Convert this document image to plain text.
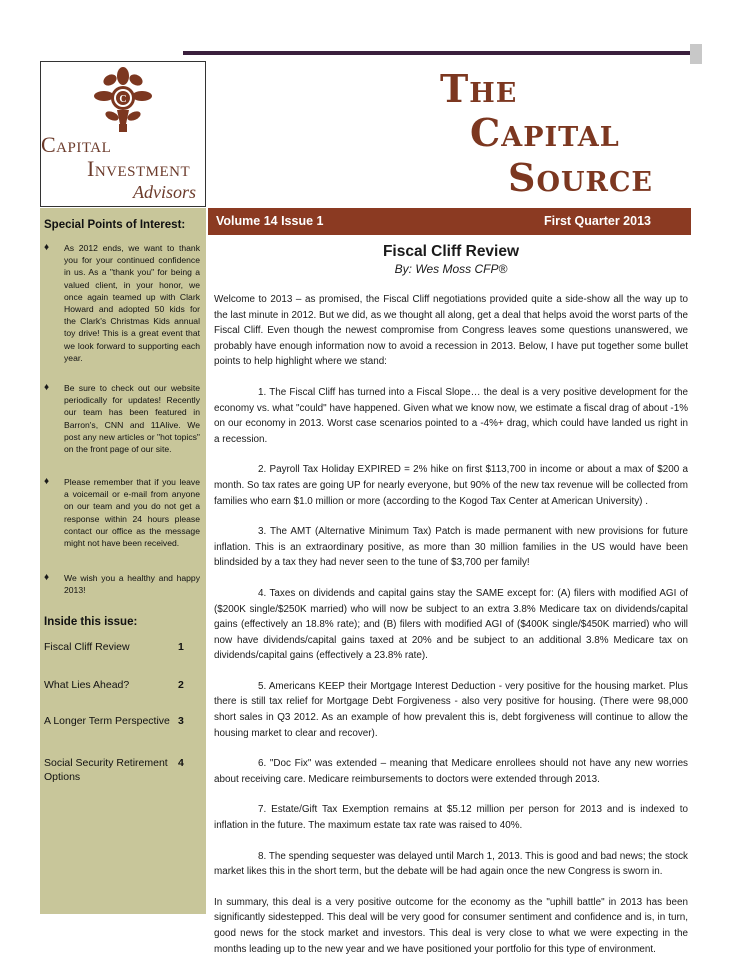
C
Capital
Investment
Advisors
The
Capital
Source
Volume 14 Issue 1	First Quarter 2013
Special Points of Interest:
♦ As 2012 ends, we want to thank you for your continued confidence in us. As a "thank you" for being a valued client, in your honor, we once again teamed up with Clark Howard and adopted 50 kids for the Clark's Christmas Kids annual toy drive! This is a great event that we look forward to supporting each year.
♦ Be sure to check out our website periodically for updates! Recently our team has been featured in Barron's, CNN and 11Alive. We post any new articles or "hot topics" on the front page of our site.
♦ Please remember that if you leave a voicemail or e-mail from anyone on our team and you do not get a response within 24 hours please contact our office as the message might not have been received.
♦ We wish you a healthy and happy 2013!
Inside this issue:
Fiscal Cliff Review	1
What Lies Ahead?	2
A Longer Term Perspective 3
Social Security Retirement Options
4
Fiscal Cliff Review
By: Wes Moss CFP®

Welcome to 2013 – as promised, the Fiscal Cliff negotiations provided quite a side-show all the way up to the last minute in 2012. But we did, as we thought all along, get a deal that helps avoid the worst parts of the Fiscal Cliff. Even though the newest compromise from Congress leaves some questions unanswered, we probably have enough information now to avoid a recession in 2013. Below, I have put together some bullet points to help highlight where we stand:

1. The Fiscal Cliff has turned into a Fiscal Slope… the deal is a very positive development for the economy vs. what "could" have happened. Given what we know now, we estimate a fiscal drag of about -1% on our economy in 2013. Worst case scenarios pointed to a -4%+ drag, which could have landed us right in a recession.

2. Payroll Tax Holiday EXPIRED = 2% hike on first $113,700 in income or about a max of $200 a month. So tax rates are going UP for nearly everyone, but 90% of the new tax revenue will be collected from families who earn $1.0 million or more (according to the Kogod Tax Center at American University) .

3. The AMT (Alternative Minimum Tax) Patch is made permanent with new provisions for future inflation. This is an extraordinary positive, as more than 30 million families in the US would have been blindsided by a tax they had never seen to the tune of $3,700 per family!

4. Taxes on dividends and capital gains stay the SAME except for: (A) filers with modified AGI of ($200K single/$250K married) who will now be subject to an extra 3.8% Medicare tax on dividends/capital gains (effectively an 18.8% rate); and (B) filers with modified AGI of ($400K single/$450K married) who will now have dividends/capital gains taxed at 20% and be subject to an additional 3.8% Medicare tax on dividends/capital gains (effectively a 23.8% rate).

5. Americans KEEP their Mortgage Interest Deduction - very positive for the housing market. Plus there is still tax relief for Mortgage Debt Forgiveness - also very positive for housing. (There were 98,000 short sales in Q3 2012. As an example of how prevalent this is, debt forgiveness will continue to allow the housing market to clear and recover).

6. "Doc Fix" was extended – meaning that Medicare enrollees should not have any new worries about receiving care. Medicare reimbursements to doctors were extended through 2013.

7. Estate/Gift Tax Exemption remains at $5.12 million per person for 2013 and is indexed to inflation in the future. The maximum estate tax rate was raised to 40%.

8. The spending sequester was delayed until March 1, 2013. This is good and bad news; the stock market likes this in the short term, but the debate will be had again once the new Congress is sworn in.

In summary, this deal is a very positive outcome for the economy as the "uphill battle" in 2013 has been significantly sidestepped. This deal will be very good for consumer sentiment and confidence and is, in turn, good news for the stock market and investors. This deal is very close to what we were expecting in the months leading up to the new year and we have positioned your portfolio for this type of environment.
